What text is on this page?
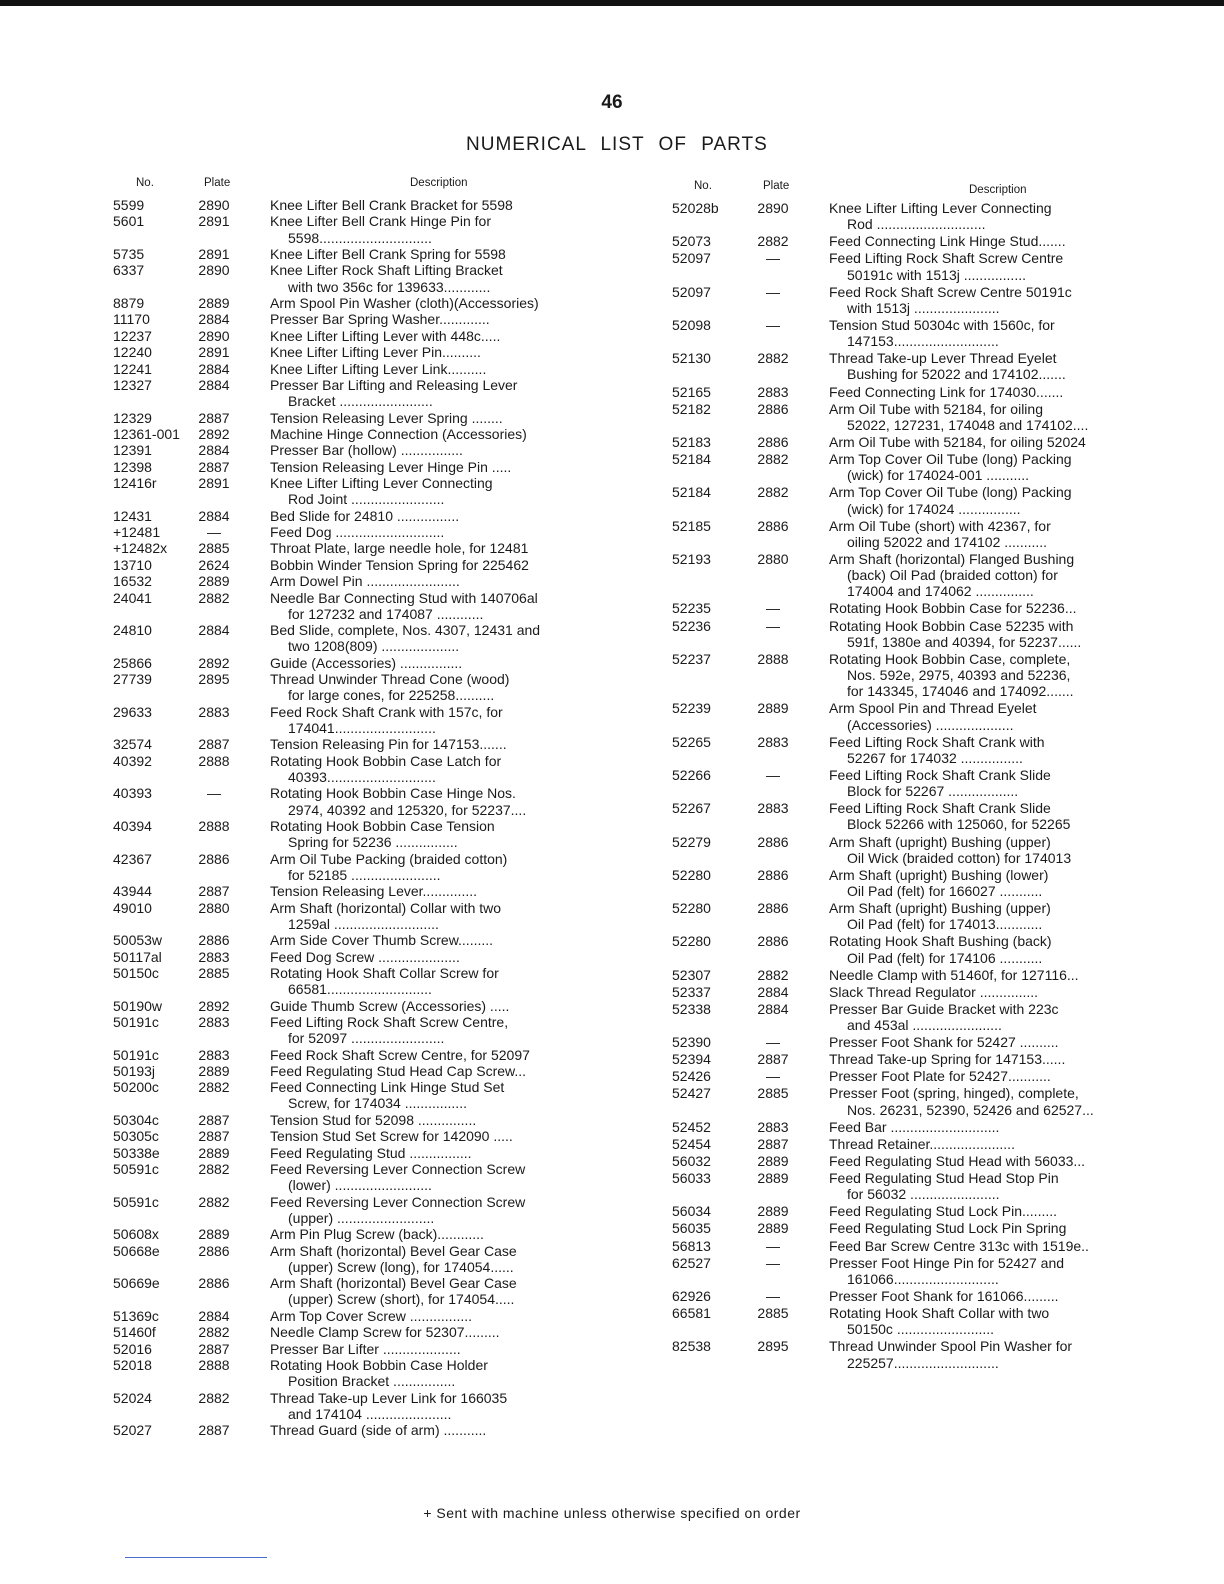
46
NUMERICAL LIST OF PARTS
No.	Plate	Description
5599	2890	Knee Lifter Bell Crank Bracket for 5598
5601	2891	Knee Lifter Bell Crank Hinge Pin for
5598.............................
5735	2891	Knee Lifter Bell Crank Spring for 5598
6337	2890	Knee Lifter Rock Shaft Lifting Bracket
with two 356c for 139633............
8879	2889	Arm Spool Pin Washer (cloth)(Accessories)
11170	2884	Presser Bar Spring Washer.............
12237	2890	Knee Lifter Lifting Lever with 448c.....
12240	2891	Knee Lifter Lifting Lever Pin..........
12241	2884	Knee Lifter Lifting Lever Link..........
12327	2884	Presser Bar Lifting and Releasing Lever
Bracket ........................
12329	2887	Tension Releasing Lever Spring ........
12361-001	2892	Machine Hinge Connection (Accessories)
12391	2884	Presser Bar (hollow) ................
12398	2887	Tension Releasing Lever Hinge Pin .....
12416r	2891	Knee Lifter Lifting Lever Connecting
Rod Joint ........................
12431	2884	Bed Slide for 24810 ................
+12481	—	Feed Dog ............................
+12482x	2885	Throat Plate, large needle hole, for 12481
13710	2624	Bobbin Winder Tension Spring for 225462
16532	2889	Arm Dowel Pin ........................
24041	2882	Needle Bar Connecting Stud with 140706al
for 127232 and 174087 ............
24810	2884	Bed Slide, complete, Nos. 4307, 12431 and
two 1208(809) ....................
25866	2892	Guide (Accessories) ................
27739	2895	Thread Unwinder Thread Cone (wood)
for large cones, for 225258..........
29633	2883	Feed Rock Shaft Crank with 157c, for
174041..........................
32574	2887	Tension Releasing Pin for 147153.......
40392	2888	Rotating Hook Bobbin Case Latch for
40393............................
40393	—	Rotating Hook Bobbin Case Hinge Nos.
2974, 40392 and 125320, for 52237....
40394	2888	Rotating Hook Bobbin Case Tension
Spring for 52236 ................
42367	2886	Arm Oil Tube Packing (braided cotton)
for 52185 .......................
43944	2887	Tension Releasing Lever..............
49010	2880	Arm Shaft (horizontal) Collar with two
1259al ...........................
50053w	2886	Arm Side Cover Thumb Screw.........
50117al	2883	Feed Dog Screw .....................
50150c	2885	Rotating Hook Shaft Collar Screw for
66581...........................
50190w	2892	Guide Thumb Screw (Accessories) .....
50191c	2883	Feed Lifting Rock Shaft Screw Centre,
for 52097 ........................
50191c	2883	Feed Rock Shaft Screw Centre, for 52097
50193j	2889	Feed Regulating Stud Head Cap Screw...
50200c	2882	Feed Connecting Link Hinge Stud Set
Screw, for 174034 ................
50304c	2887	Tension Stud for 52098 ...............
50305c	2887	Tension Stud Set Screw for 142090 .....
50338e	2889	Feed Regulating Stud ................
50591c	2882	Feed Reversing Lever Connection Screw
(lower) .........................
50591c	2882	Feed Reversing Lever Connection Screw
(upper) .........................
50608x	2889	Arm Pin Plug Screw (back)............
50668e	2886	Arm Shaft (horizontal) Bevel Gear Case
(upper) Screw (long), for 174054......
50669e	2886	Arm Shaft (horizontal) Bevel Gear Case
(upper) Screw (short), for 174054.....
51369c	2884	Arm Top Cover Screw ................
51460f	2882	Needle Clamp Screw for 52307.........
52016	2887	Presser Bar Lifter ....................
52018	2888	Rotating Hook Bobbin Case Holder
Position Bracket ................
52024	2882	Thread Take-up Lever Link for 166035
and 174104 ......................
52027	2887	Thread Guard (side of arm) ...........
No.	Plate	Description
52028b	2890	Knee Lifter Lifting Lever Connecting
Rod ............................
52073	2882	Feed Connecting Link Hinge Stud.......
52097	—	Feed Lifting Rock Shaft Screw Centre
50191c with 1513j ................
52097	—	Feed Rock Shaft Screw Centre 50191c
with 1513j ......................
52098	—	Tension Stud 50304c with 1560c, for
147153...........................
52130	2882	Thread Take-up Lever Thread Eyelet
Bushing for 52022 and 174102.......
52165	2883	Feed Connecting Link for 174030.......
52182	2886	Arm Oil Tube with 52184, for oiling
52022, 127231, 174048 and 174102....
52183	2886	Arm Oil Tube with 52184, for oiling 52024
52184	2882	Arm Top Cover Oil Tube (long) Packing
(wick) for 174024-001 ...........
52184	2882	Arm Top Cover Oil Tube (long) Packing
(wick) for 174024 ................
52185	2886	Arm Oil Tube (short) with 42367, for
oiling 52022 and 174102 ...........
52193	2880	Arm Shaft (horizontal) Flanged Bushing
(back) Oil Pad (braided cotton) for
174004 and 174062 ...............
52235	—	Rotating Hook Bobbin Case for 52236...
52236	—	Rotating Hook Bobbin Case 52235 with
591f, 1380e and 40394, for 52237......
52237	2888	Rotating Hook Bobbin Case, complete,
Nos. 592e, 2975, 40393 and 52236,
for 143345, 174046 and 174092.......
52239	2889	Arm Spool Pin and Thread Eyelet
(Accessories) ....................
52265	2883	Feed Lifting Rock Shaft Crank with
52267 for 174032 ................
52266	—	Feed Lifting Rock Shaft Crank Slide
Block for 52267 ..................
52267	2883	Feed Lifting Rock Shaft Crank Slide
Block 52266 with 125060, for 52265
52279	2886	Arm Shaft (upright) Bushing (upper)
Oil Wick (braided cotton) for 174013
52280	2886	Arm Shaft (upright) Bushing (lower)
Oil Pad (felt) for 166027 ...........
52280	2886	Arm Shaft (upright) Bushing (upper)
Oil Pad (felt) for 174013............
52280	2886	Rotating Hook Shaft Bushing (back)
Oil Pad (felt) for 174106 ...........
52307	2882	Needle Clamp with 51460f, for 127116...
52337	2884	Slack Thread Regulator ...............
52338	2884	Presser Bar Guide Bracket with 223c
and 453al .......................
52390	—	Presser Foot Shank for 52427 ..........
52394	2887	Thread Take-up Spring for 147153......
52426	—	Presser Foot Plate for 52427...........
52427	2885	Presser Foot (spring, hinged), complete,
Nos. 26231, 52390, 52426 and 62527...
52452	2883	Feed Bar ............................
52454	2887	Thread Retainer......................
56032	2889	Feed Regulating Stud Head with 56033...
56033	2889	Feed Regulating Stud Head Stop Pin
for 56032 .......................
56034	2889	Feed Regulating Stud Lock Pin.........
56035	2889	Feed Regulating Stud Lock Pin Spring
56813	—	Feed Bar Screw Centre 313c with 1519e..
62527	—	Presser Foot Hinge Pin for 52427 and
161066...........................
62926	—	Presser Foot Shank for 161066.........
66581	2885	Rotating Hook Shaft Collar with two
50150c .........................
82538	2895	Thread Unwinder Spool Pin Washer for
225257...........................
+ Sent with machine unless otherwise specified on order
